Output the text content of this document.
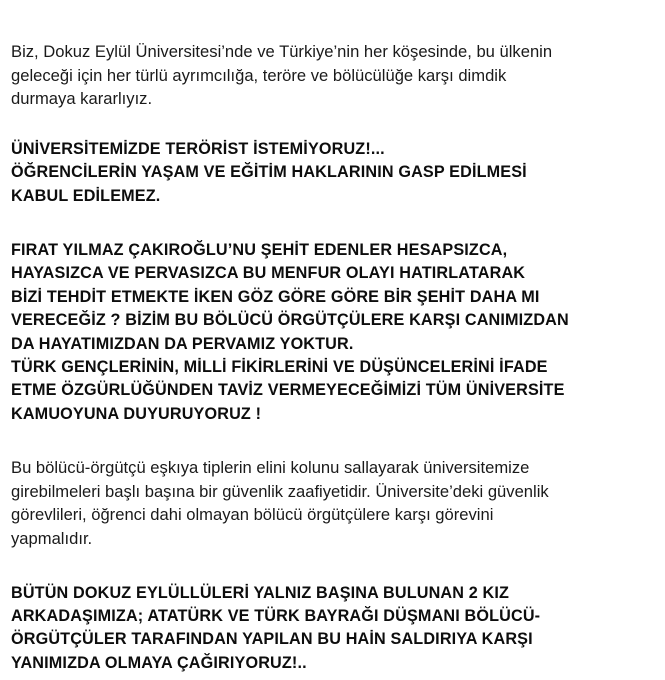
Biz, Dokuz Eylül Üniversitesi’nde ve Türkiye’nin her köşesinde, bu ülkenin
geleceği için her türlü ayrımcılığa, teröre ve bölücülüğe karşı dimdik
durmaya kararlıyız.

ÜNİVERSİTEMİZDE TERÖRİST İSTEMİYORUZ!...
ÖĞRENCİLERİN YAŞAM VE EĞİTİM HAKLARININ GASP EDİLMESİ
KABUL EDİLEMEZ.

FIRAT YILMAZ ÇAKIROĞLU’NU ŞEHİT EDENLER HESAPSIZCA,
HAYASIZCA VE PERVASIZCA BU MENFUR OLAYI HATIRLATARAK
BİZİ TEHDİT ETMEKTE İKEN GÖZ GÖRE GÖRE BİR ŞEHİT DAHA MI
VERECEĞİZ ? BİZİM BU BÖLÜCÜ ÖRGÜTÇÜLERE KARŞI CANIMIZDAN
DA HAYATIMIZDAN DA PERVAMIZ YOKTUR.
TÜRK GENÇLERİNİN, MİLLİ FİKİRLERİNİ VE DÜŞÜNCELERİNİ İFADE
ETME ÖZGÜRLÜĞÜNDEN TAVİZ VERMEYECEĞİMİZİ TÜM ÜNİVERSİTE
KAMUOYUNA DUYURUYORUZ !

Bu bölücü-örgütçü eşkıya tiplerin elini kolunu sallayarak üniversitemize
girebilmeleri başlı başına bir güvenlik zaafiyetidir. Üniversite’deki güvenlik
görevlileri, öğrenci dahi olmayan bölücü örgütçülere karşı görevini
yapmalıdır.

BÜTÜN DOKUZ EYLÜLLÜLERİ YALNIZ BAŞINA BULUNAN 2 KIZ
ARKADAŞIMIZA; ATATÜRK VE TÜRK BAYRAĞI DÜŞMANI BÖLÜCÜ-
ÖRGÜTÇÜLER TARAFINDAN YAPILAN BU HAİN SALDIRIYA KARŞI
YANIMIZDA OLMAYA ÇAĞIRIYORUZ!..
